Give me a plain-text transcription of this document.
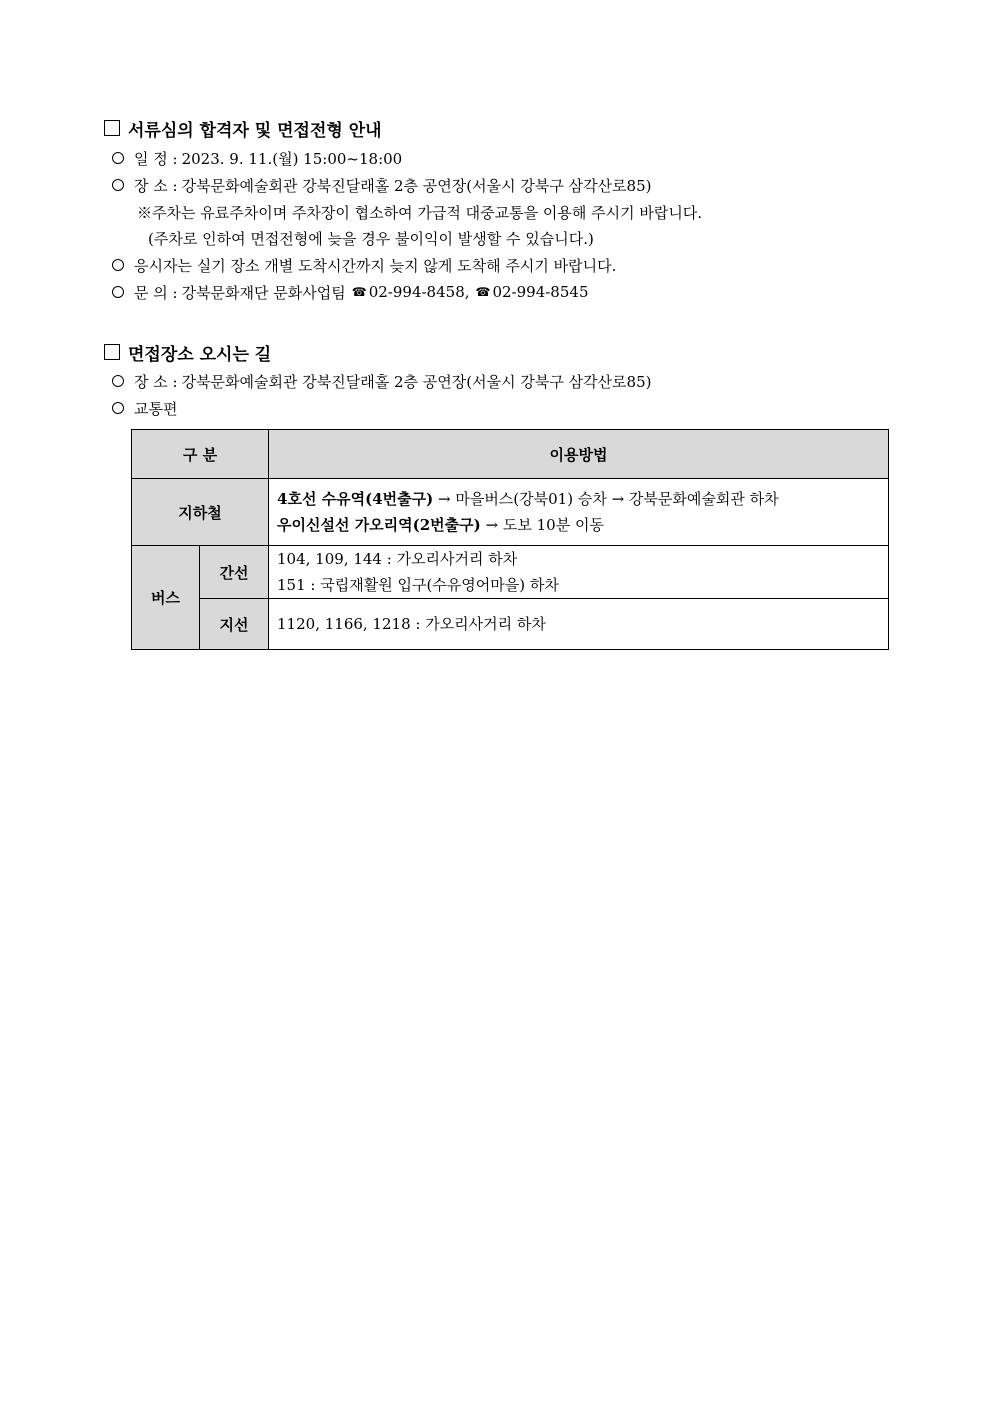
서류심의 합격자 및 면접전형 안내
일 정 : 2023. 9. 11.(월) 15:00~18:00
장 소 : 강북문화예술회관 강북진달래홀 2층 공연장(서울시 강북구 삼각산로85)
※주차는 유료주차이며 주차장이 협소하여 가급적 대중교통을 이용해 주시기 바랍니다.
(주차로 인하여 면접전형에 늦을 경우 불이익이 발생할 수 있습니다.)
응시자는 실기 장소 개별 도착시간까지 늦지 않게 도착해 주시기 바랍니다.
문 의 : 강북문화재단 문화사업팀 ☎ 02-994-8458, ☎ 02-994-8545
면접장소 오시는 길
장 소 : 강북문화예술회관 강북진달래홀 2층 공연장(서울시 강북구 삼각산로85)
교통편
구 분		이용방법
지하철		4호선 수유역(4번출구) → 마을버스(강북01) 승차 → 강북문화예술회관 하차
우이신설선 가오리역(2번출구) → 도보 10분 이동

버스	간선	104, 109, 144 : 가오리사거리 하차
151 : 국립재활원 입구(수유영어마을) 하차

	지선	1120, 1166, 1218 : 가오리사거리 하차
